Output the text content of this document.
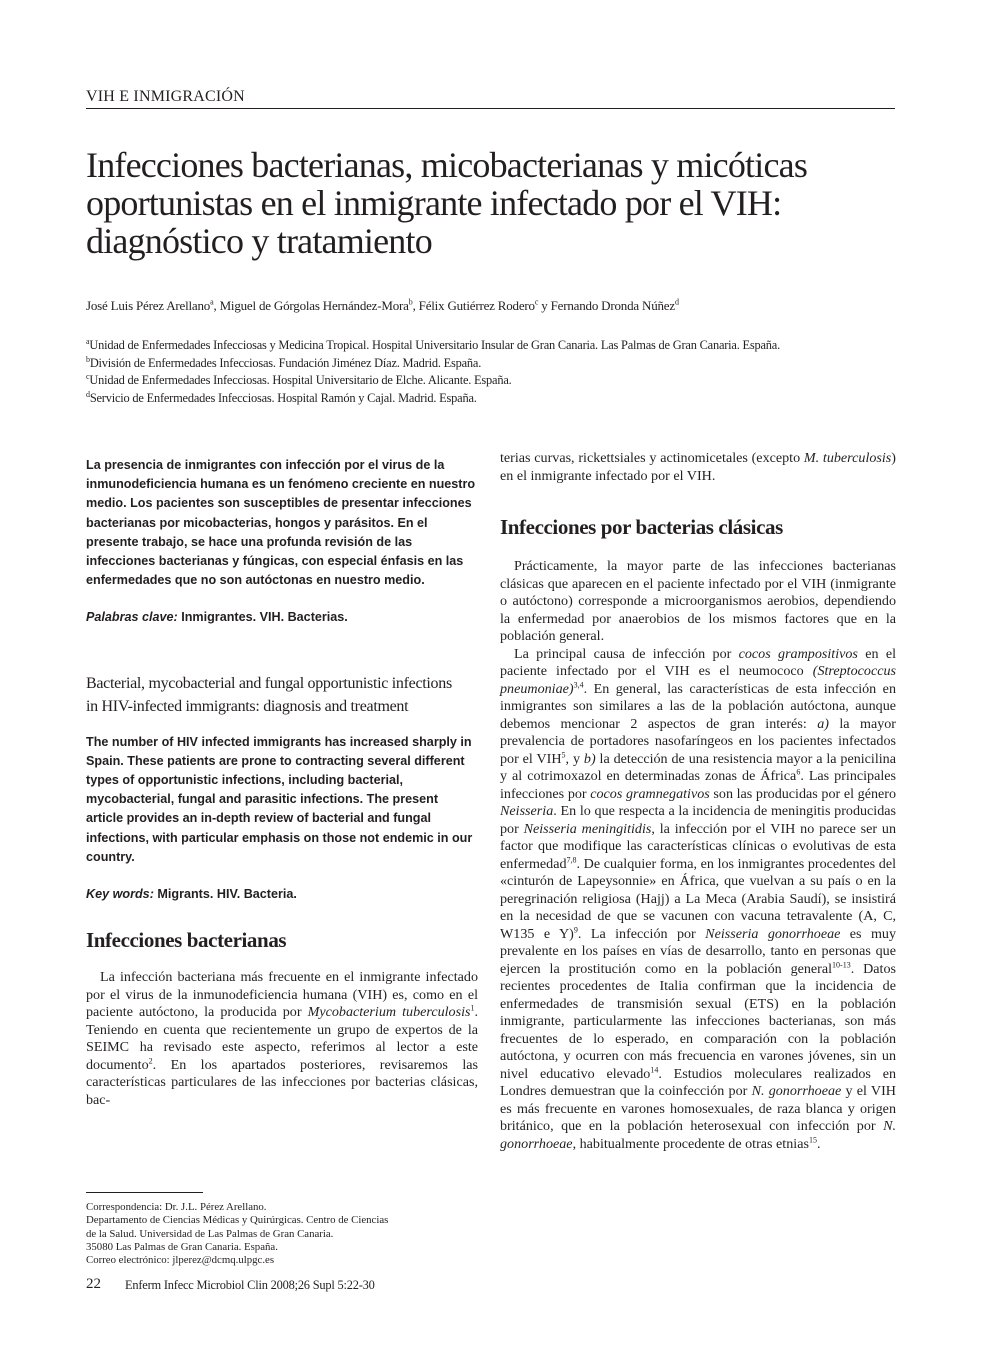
VIH E INMIGRACIÓN
Infecciones bacterianas, micobacterianas y micóticas
oportunistas en el inmigrante infectado por el VIH:
diagnóstico y tratamiento
José Luis Pérez Arellano$^a$, Miguel de Górgolas Hernández-Mora$^b$, Félix Gutiérrez Rodero$^c$ y Fernando Dronda Núñez$^d$
$^a$Unidad de Enfermedades Infecciosas y Medicina Tropical. Hospital Universitario Insular de Gran Canaria. Las Palmas de Gran Canaria. España.
$^b$División de Enfermedades Infecciosas. Fundación Jiménez Díaz. Madrid. España.
$^c$Unidad de Enfermedades Infecciosas. Hospital Universitario de Elche. Alicante. España.
$^d$Servicio de Enfermedades Infecciosas. Hospital Ramón y Cajal. Madrid. España.

La presencia de inmigrantes con infección por el virus de la inmunodeficiencia humana es un fenómeno creciente en nuestro medio. Los pacientes son susceptibles de presentar infecciones bacterianas por micobacterias, hongos y parásitos. En el presente trabajo, se hace una profunda revisión de las infecciones bacterianas y fúngicas, con especial énfasis en las enfermedades que no son autóctonas en nuestro medio.

Palabras clave: Inmigrantes. VIH. Bacterias.

Bacterial, mycobacterial and fungal opportunistic infections
in HIV-infected immigrants: diagnosis and treatment

The number of HIV infected immigrants has increased sharply in Spain. These patients are prone to contracting several different types of opportunistic infections, including bacterial, mycobacterial, fungal and parasitic infections. The present article provides an in-depth review of bacterial and fungal infections, with particular emphasis on those not endemic in our country.

Key words: Migrants. HIV. Bacteria.

Infecciones bacterianas

La infección bacteriana más frecuente en el inmigrante infectado por el virus de la inmunodeficiencia humana (VIH) es, como en el paciente autóctono, la producida por Mycobacterium tuberculosis$^1$. Teniendo en cuenta que recientemente un grupo de expertos de la SEIMC ha revisado este aspecto, referimos al lector a este documento$^2$. En los apartados posteriores, revisaremos las características particulares de las infecciones por bacterias clásicas, bac-

terias curvas, rickettsiales y actinomicetales (excepto M. tuberculosis) en el inmigrante infectado por el VIH.

Infecciones por bacterias clásicas

Prácticamente, la mayor parte de las infecciones bacterianas clásicas que aparecen en el paciente infectado por el VIH (inmigrante o autóctono) corresponde a microorganismos aerobios, dependiendo la enfermedad por anaerobios de los mismos factores que en la población general.

La principal causa de infección por cocos grampositivos en el paciente infectado por el VIH es el neumococo (Streptococcus pneumoniae)$^{3,4}$. En general, las características de esta infección en inmigrantes son similares a las de la población autóctona, aunque debemos mencionar 2 aspectos de gran interés: a) la mayor prevalencia de portadores nasofaríngeos en los pacientes infectados por el VIH$^5$, y b) la detección de una resistencia mayor a la penicilina y al cotrimoxazol en determinadas zonas de África$^6$. Las principales infecciones por cocos gramnegativos son las producidas por el género Neisseria. En lo que respecta a la incidencia de meningitis producidas por Neisseria meningitidis, la infección por el VIH no parece ser un factor que modifique las características clínicas o evolutivas de esta enfermedad$^{7,8}$. De cualquier forma, en los inmigrantes procedentes del «cinturón de Lapeysonnie» en África, que vuelvan a su país o en la peregrinación religiosa (Hajj) a La Meca (Arabia Saudí), se insistirá en la necesidad de que se vacunen con vacuna tetravalente (A, C, W135 e Y)$^9$. La infección por Neisseria gonorrhoeae es muy prevalente en los países en vías de desarrollo, tanto en personas que ejercen la prostitución como en la población general$^{10-13}$. Datos recientes procedentes de Italia confirman que la incidencia de enfermedades de transmisión sexual (ETS) en la población inmigrante, particularmente las infecciones bacterianas, son más frecuentes de lo esperado, en comparación con la población autóctona, y ocurren con más frecuencia en varones jóvenes, sin un nivel educativo elevado$^{14}$. Estudios moleculares realizados en Londres demuestran que la coinfección por N. gonorrhoeae y el VIH es más frecuente en varones homosexuales, de raza blanca y origen británico, que en la población heterosexual con infección por N. gonorrhoeae, habitualmente procedente de otras etnias$^{15}$.

Correspondencia: Dr. J.L. Pérez Arellano.
Departamento de Ciencias Médicas y Quirúrgicas. Centro de Ciencias
de la Salud. Universidad de Las Palmas de Gran Canaria.
35080 Las Palmas de Gran Canaria. España.
Correo electrónico: jlperez@dcmq.ulpgc.es
22 Enferm Infecc Microbiol Clin 2008;26 Supl 5:22-30
